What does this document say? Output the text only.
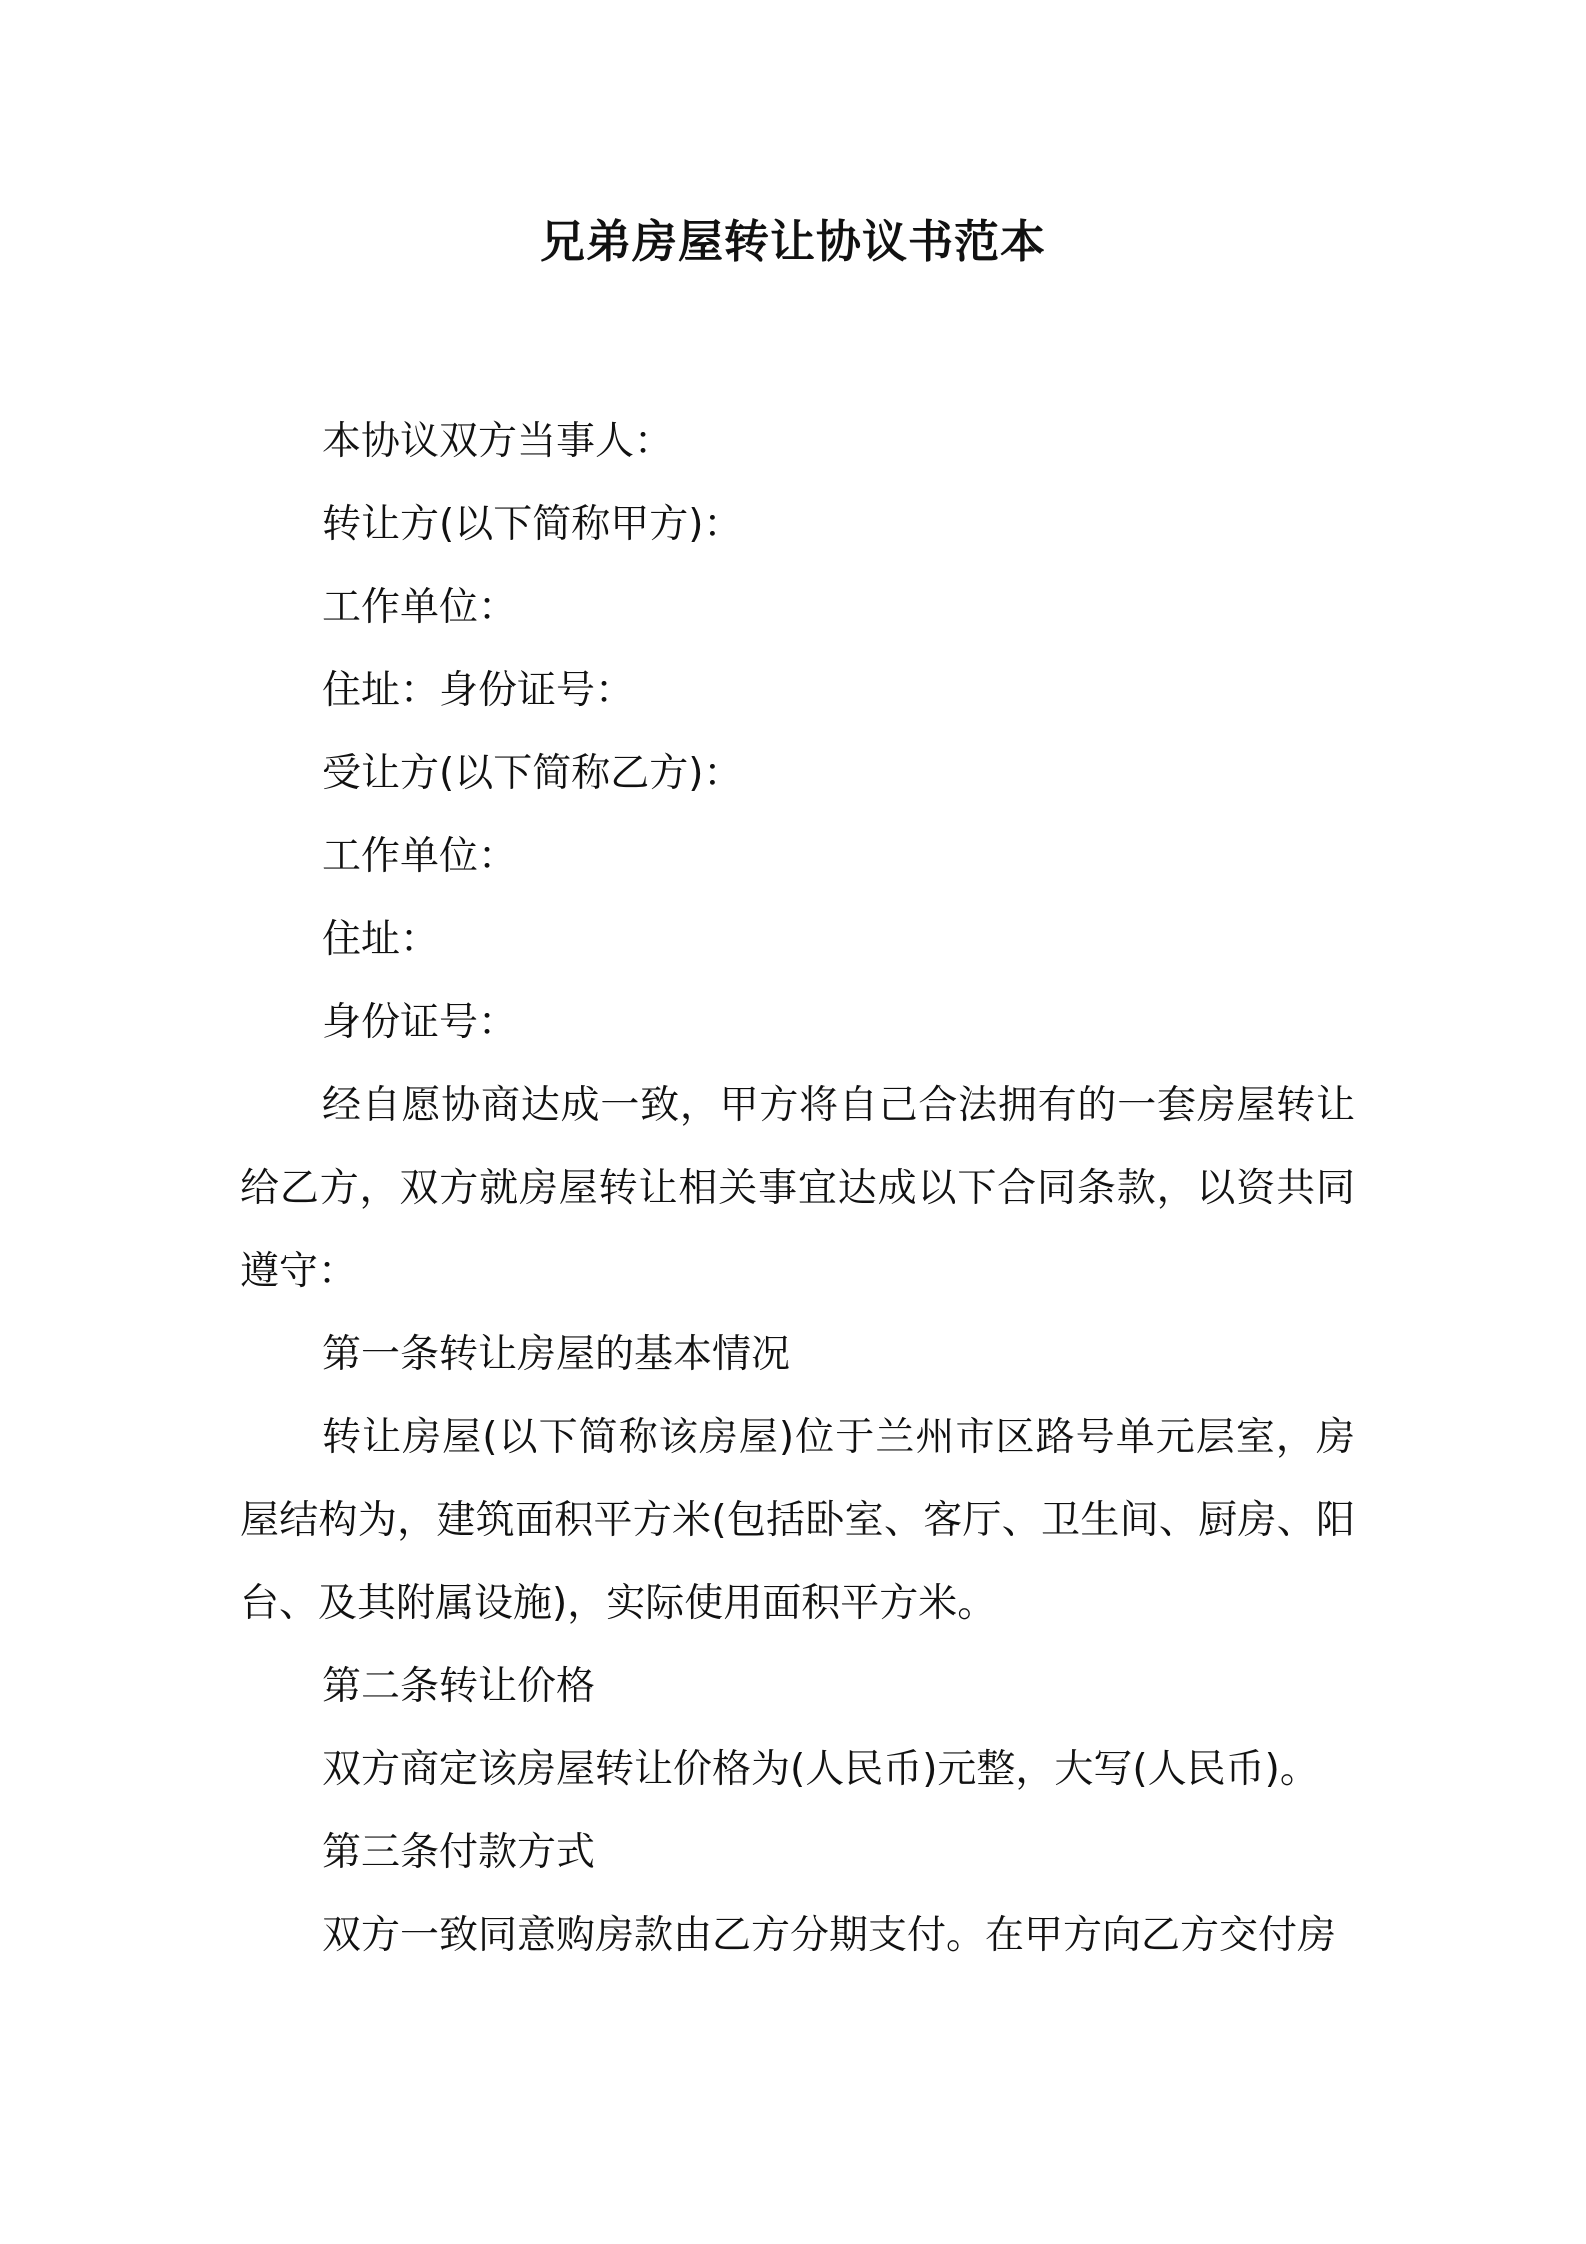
兄弟房屋转让协议书范本

本协议双方当事人：

转让方(以下简称甲方)：

工作单位：

住址：身份证号：

受让方(以下简称乙方)：

工作单位：

住址：

身份证号：

经自愿协商达成一致，甲方将自己合法拥有的一套房屋转让给乙方，双方就房屋转让相关事宜达成以下合同条款，以资共同遵守：

第一条转让房屋的基本情况

转让房屋(以下简称该房屋)位于兰州市区路号单元层室，房屋结构为，建筑面积平方米(包括卧室、客厅、卫生间、厨房、阳台、及其附属设施)，实际使用面积平方米。

第二条转让价格

双方商定该房屋转让价格为(人民币)元整，大写(人民币)。

第三条付款方式

双方一致同意购房款由乙方分期支付。在甲方向乙方交付房
